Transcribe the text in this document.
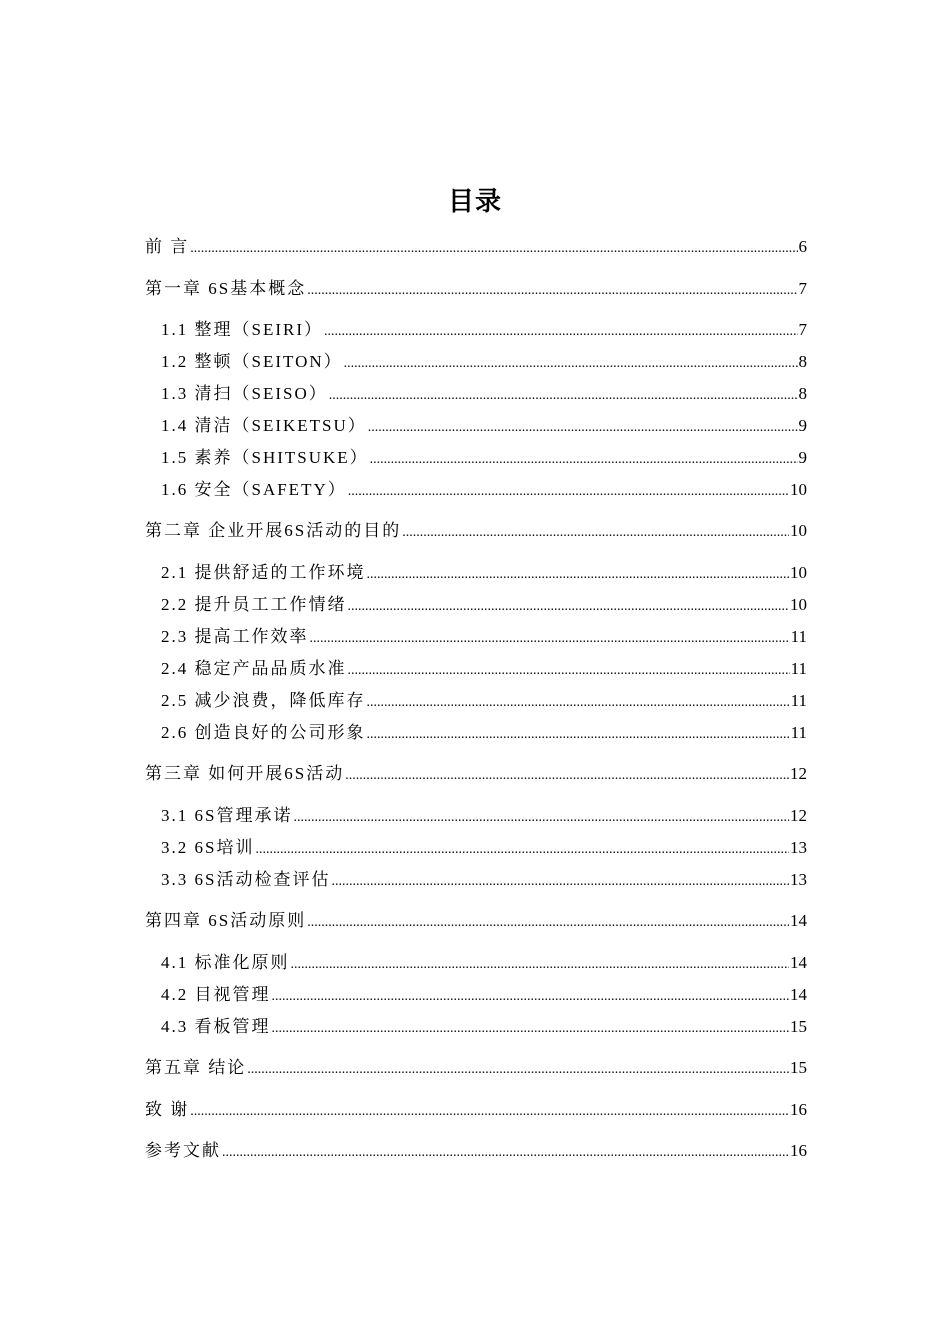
目录
前 言 .....	6
第一章 6S基本概念 .....	7
1.1 整理（SEIRI） .....	7
1.2 整顿（SEITON） .....	8
1.3 清扫（SEISO） .....	8
1.4 清洁（SEIKETSU） .....	9
1.5 素养（SHITSUKE） .....	9
1.6 安全（SAFETY） .....	10
第二章 企业开展6S活动的目的 .....	10
2.1 提供舒适的工作环境 .....	10
2.2 提升员工工作情绪 .....	10
2.3 提高工作效率 .....	11
2.4 稳定产品品质水准 .....	11
2.5 减少浪费，降低库存 .....	11
2.6 创造良好的公司形象 .....	11
第三章 如何开展6S活动 .....	12
3.1 6S管理承诺 .....	12
3.2 6S培训 .....	13
3.3 6S活动检查评估 .....	13
第四章 6S活动原则 .....	14
4.1 标准化原则 .....	14
4.2 目视管理 .....	14
4.3 看板管理 .....	15
第五章 结论 .....	15
致 谢 .....	16
参考文献 .....	16
